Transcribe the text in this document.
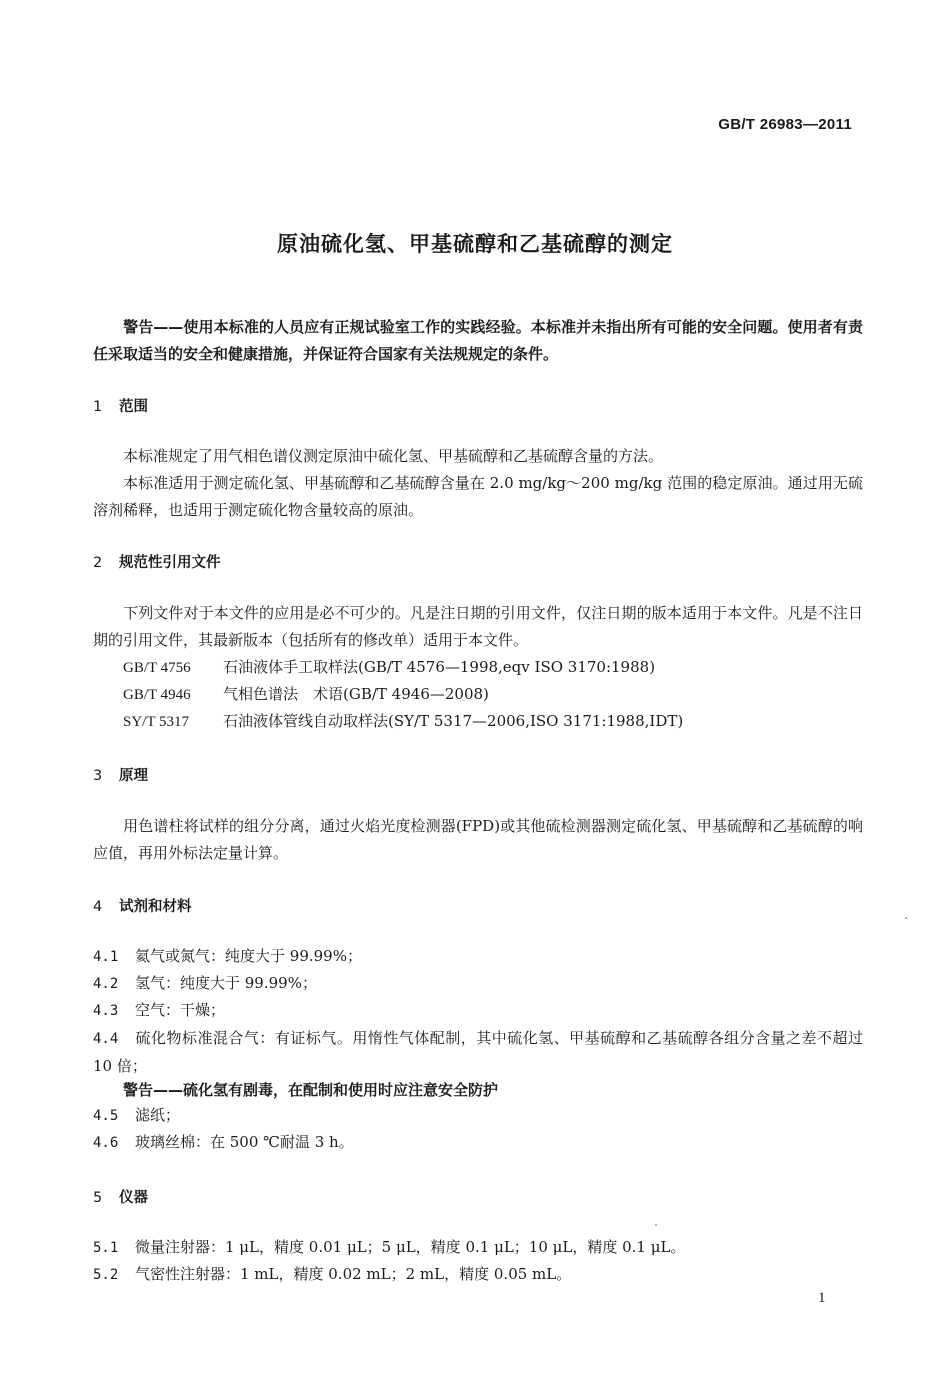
GB/T 26983—2011
原油硫化氢、甲基硫醇和乙基硫醇的测定
警告——使用本标准的人员应有正规试验室工作的实践经验。本标准并未指出所有可能的安全问题。使用者有责任采取适当的安全和健康措施，并保证符合国家有关法规规定的条件。
1 范围
本标准规定了用气相色谱仪测定原油中硫化氢、甲基硫醇和乙基硫醇含量的方法。
本标准适用于测定硫化氢、甲基硫醇和乙基硫醇含量在 2.0 mg/kg～200 mg/kg 范围的稳定原油。通过用无硫溶剂稀释，也适用于测定硫化物含量较高的原油。
2 规范性引用文件
下列文件对于本文件的应用是必不可少的。凡是注日期的引用文件，仅注日期的版本适用于本文件。凡是不注日期的引用文件，其最新版本（包括所有的修改单）适用于本文件。
GB/T 4756 石油液体手工取样法(GB/T 4576—1998,eqv ISO 3170:1988)
GB/T 4946 气相色谱法　术语(GB/T 4946—2008)
SY/T 5317 石油液体管线自动取样法(SY/T 5317—2006,ISO 3171:1988,IDT)
3 原理
用色谱柱将试样的组分分离，通过火焰光度检测器(FPD)或其他硫检测器测定硫化氢、甲基硫醇和乙基硫醇的响应值，再用外标法定量计算。
4 试剂和材料
4.1 氦气或氮气：纯度大于 99.99%；
4.2 氢气：纯度大于 99.99%；
4.3 空气：干燥；
4.4 硫化物标准混合气：有证标气。用惰性气体配制，其中硫化氢、甲基硫醇和乙基硫醇各组分含量之差不超过 10 倍；
警告——硫化氢有剧毒，在配制和使用时应注意安全防护
4.5 滤纸；
4.6 玻璃丝棉：在 500 ℃耐温 3 h。
5 仪器
5.1 微量注射器：1 μL，精度 0.01 μL；5 μL，精度 0.1 μL；10 μL，精度 0.1 μL。
5.2 气密性注射器：1 mL，精度 0.02 mL；2 mL，精度 0.05 mL。
1
